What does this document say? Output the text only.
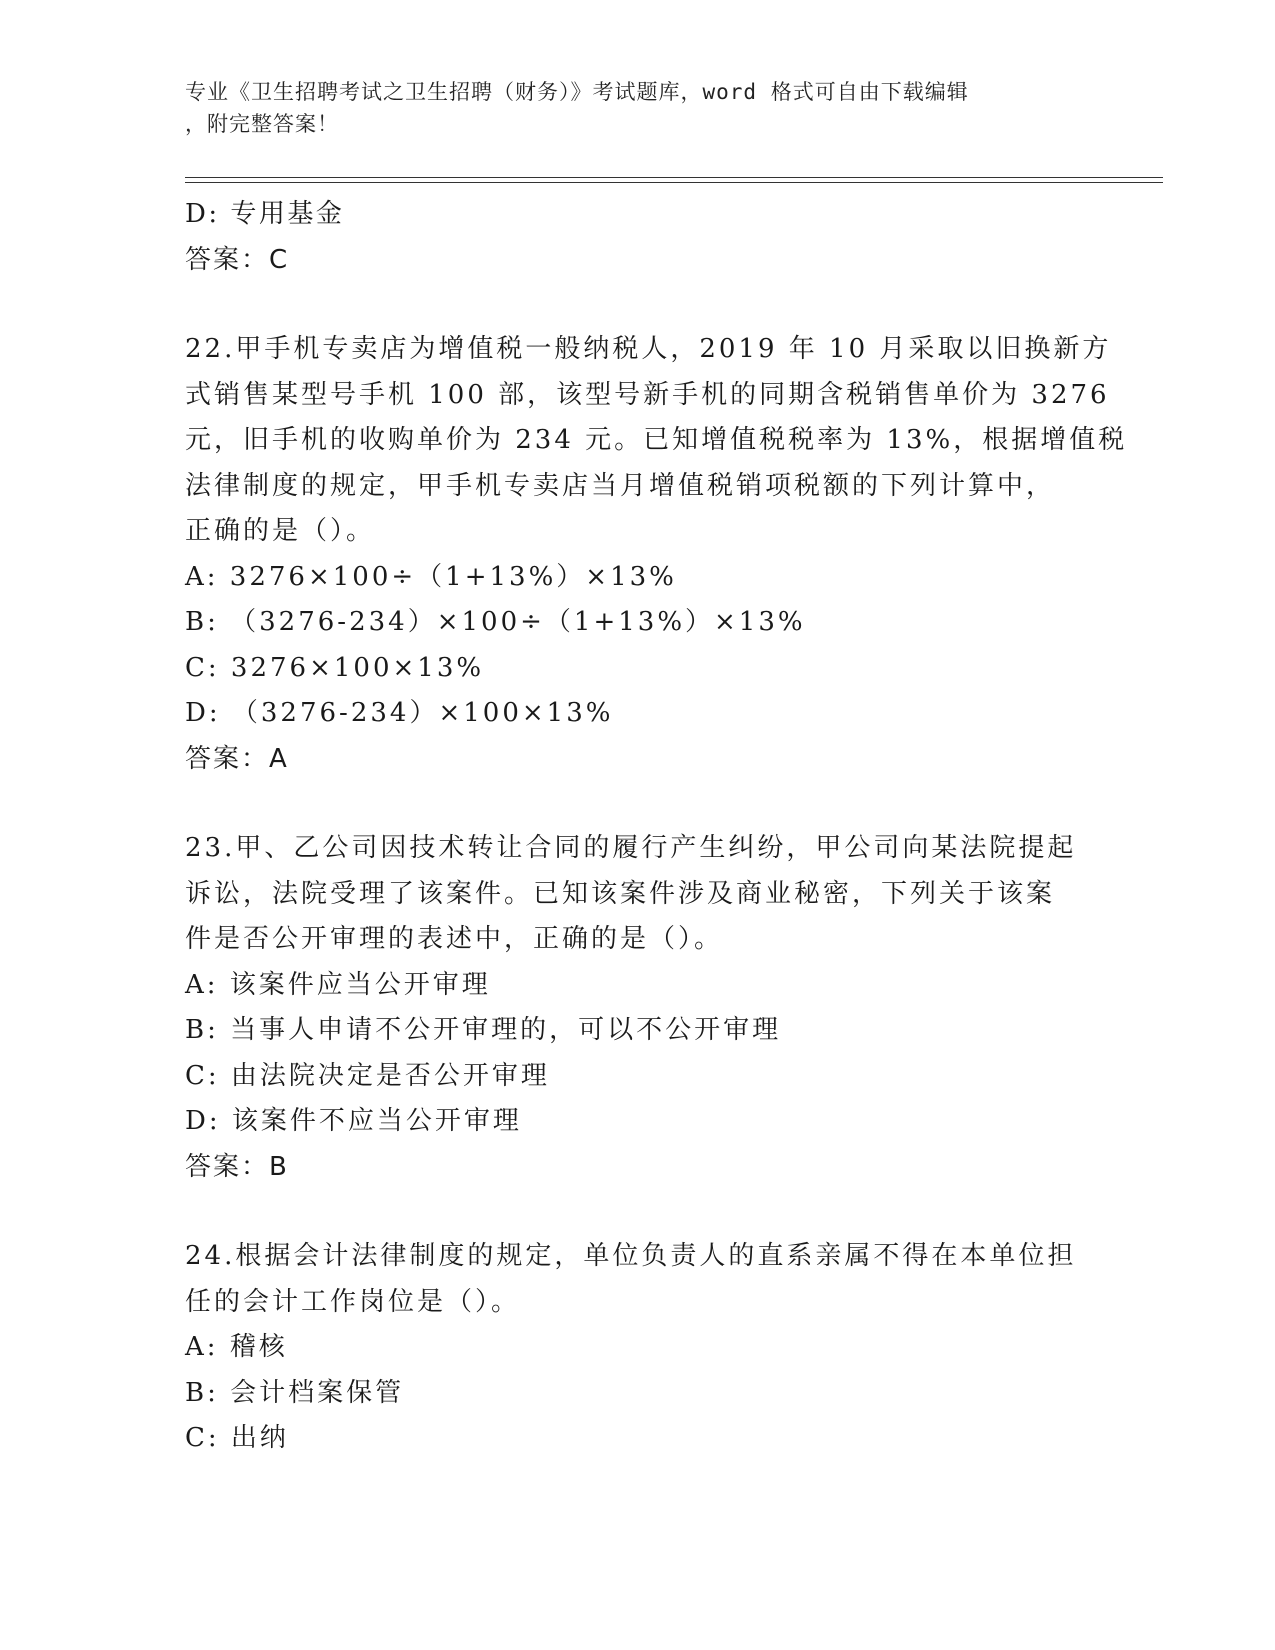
专业《卫生招聘考试之卫生招聘（财务）》考试题库，word 格式可自由下载编辑

，附完整答案！

D: 专用基金
答案：C
22.甲手机专卖店为增值税一般纳税人，2019 年 10 月采取以旧换新方
式销售某型号手机 100 部，该型号新手机的同期含税销售单价为 3276
元，旧手机的收购单价为 234 元。已知增值税税率为 13%，根据增值税
法律制度的规定，甲手机专卖店当月增值税销项税额的下列计算中，
正确的是（）。
A: 3276×100÷（1+13%）×13%
B: （3276-234）×100÷（1+13%）×13%
C: 3276×100×13%
D: （3276-234）×100×13%
答案：A
23.甲、乙公司因技术转让合同的履行产生纠纷，甲公司向某法院提起
诉讼，法院受理了该案件。已知该案件涉及商业秘密，下列关于该案
件是否公开审理的表述中，正确的是（）。
A: 该案件应当公开审理
B: 当事人申请不公开审理的，可以不公开审理
C: 由法院决定是否公开审理
D: 该案件不应当公开审理
答案：B
24.根据会计法律制度的规定，单位负责人的直系亲属不得在本单位担
任的会计工作岗位是（）。
A: 稽核
B: 会计档案保管
C: 出纳
